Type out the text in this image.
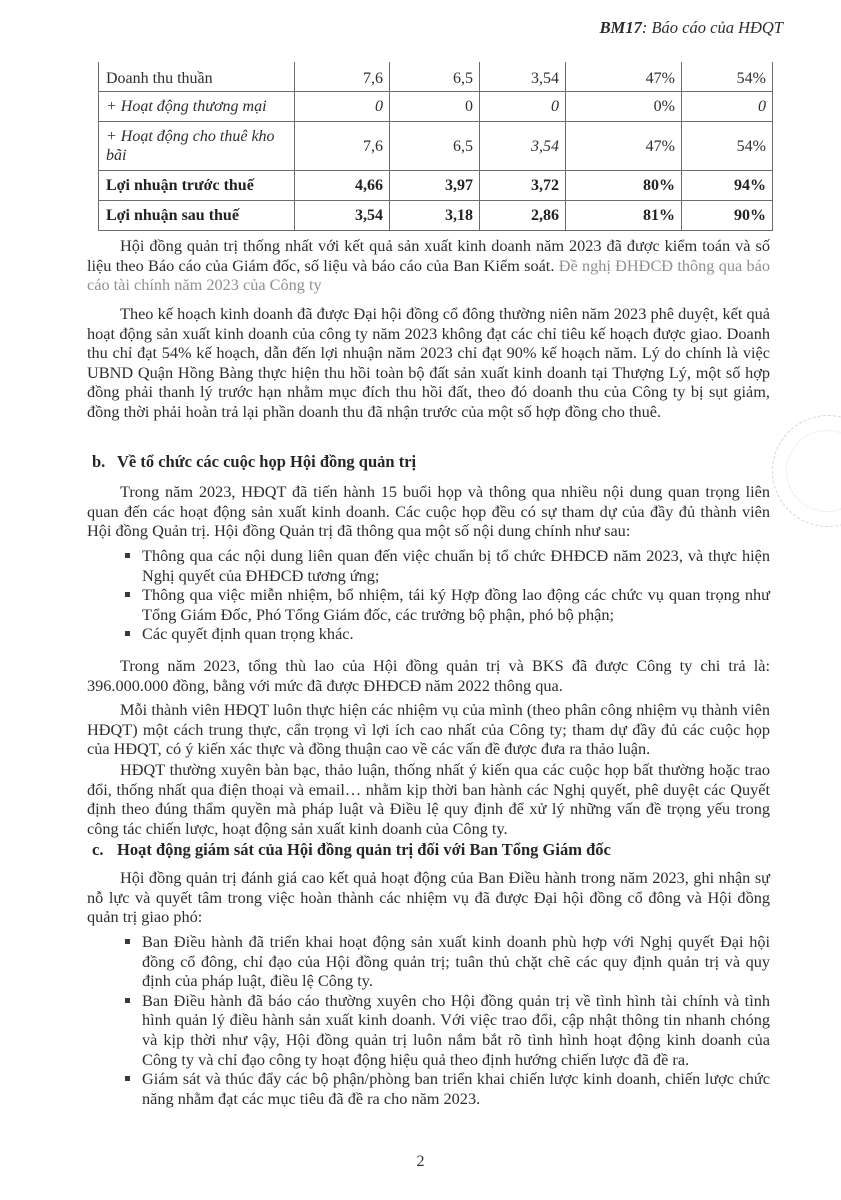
BM17: Báo cáo của HĐQT
Doanh thu thuần	7,6	6,5	3,54	47%	54%
+ Hoạt động thương mại	0	0	0	0%	0
+ Hoạt động cho thuê kho bãi	7,6	6,5	3,54	47%	54%
Lợi nhuận trước thuế	4,66	3,97	3,72	80%	94%
Lợi nhuận sau thuế	3,54	3,18	2,86	81%	90%

Hội đồng quản trị thống nhất với kết quả sản xuất kinh doanh năm 2023 đã được kiểm toán và số liệu theo Báo cáo của Giám đốc, số liệu và báo cáo của Ban Kiểm soát. Đề nghị ĐHĐCĐ thông qua báo cáo tài chính năm 2023 của Công ty

Theo kế hoạch kinh doanh đã được Đại hội đồng cổ đông thường niên năm 2023 phê duyệt, kết quả hoạt động sản xuất kinh doanh của công ty năm 2023 không đạt các chỉ tiêu kế hoạch được giao. Doanh thu chỉ đạt 54% kế hoạch, dẫn đến lợi nhuận năm 2023 chỉ đạt 90% kế hoạch năm. Lý do chính là việc UBND Quận Hồng Bàng thực hiện thu hồi toàn bộ đất sản xuất kinh doanh tại Thượng Lý, một số hợp đồng phải thanh lý trước hạn nhằm mục đích thu hồi đất, theo đó doanh thu của Công ty bị sụt giảm, đồng thời phải hoàn trả lại phần doanh thu đã nhận trước của một số hợp đồng cho thuê.

b. Về tổ chức các cuộc họp Hội đồng quản trị

Trong năm 2023, HĐQT đã tiến hành 15 buổi họp và thông qua nhiều nội dung quan trọng liên quan đến các hoạt động sản xuất kinh doanh. Các cuộc họp đều có sự tham dự của đầy đủ thành viên Hội đồng Quản trị. Hội đồng Quản trị đã thông qua một số nội dung chính như sau:

Thông qua các nội dung liên quan đến việc chuẩn bị tổ chức ĐHĐCĐ năm 2023, và thực hiện Nghị quyết của ĐHĐCĐ tương ứng;
Thông qua việc miễn nhiệm, bổ nhiệm, tái ký Hợp đồng lao động các chức vụ quan trọng như Tổng Giám Đốc, Phó Tổng Giám đốc, các trưởng bộ phận, phó bộ phận;
Các quyết định quan trọng khác.

Trong năm 2023, tổng thù lao của Hội đồng quản trị và BKS đã được Công ty chi trả là: 396.000.000 đồng, bằng với mức đã được ĐHĐCĐ năm 2022 thông qua.

Mỗi thành viên HĐQT luôn thực hiện các nhiệm vụ của mình (theo phân công nhiệm vụ thành viên HĐQT) một cách trung thực, cẩn trọng vì lợi ích cao nhất của Công ty; tham dự đầy đủ các cuộc họp của HĐQT, có ý kiến xác thực và đồng thuận cao về các vấn đề được đưa ra thảo luận.

HĐQT thường xuyên bàn bạc, thảo luận, thống nhất ý kiến qua các cuộc họp bất thường hoặc trao đổi, thống nhất qua điện thoại và email… nhằm kịp thời ban hành các Nghị quyết, phê duyệt các Quyết định theo đúng thẩm quyền mà pháp luật và Điều lệ quy định để xử lý những vấn đề trọng yếu trong công tác chiến lược, hoạt động sản xuất kinh doanh của Công ty.

c. Hoạt động giám sát của Hội đồng quản trị đối với Ban Tổng Giám đốc

Hội đồng quản trị đánh giá cao kết quả hoạt động của Ban Điều hành trong năm 2023, ghi nhận sự nỗ lực và quyết tâm trong việc hoàn thành các nhiệm vụ đã được Đại hội đồng cổ đông và Hội đồng quản trị giao phó:

Ban Điều hành đã triển khai hoạt động sản xuất kinh doanh phù hợp với Nghị quyết Đại hội đồng cổ đông, chỉ đạo của Hội đồng quản trị; tuân thủ chặt chẽ các quy định quản trị và quy định của pháp luật, điều lệ Công ty.
Ban Điều hành đã báo cáo thường xuyên cho Hội đồng quản trị về tình hình tài chính và tình hình quản lý điều hành sản xuất kinh doanh. Với việc trao đổi, cập nhật thông tin nhanh chóng và kịp thời như vậy, Hội đồng quản trị luôn nắm bắt rõ tình hình hoạt động kinh doanh của Công ty và chỉ đạo công ty hoạt động hiệu quả theo định hướng chiến lược đã đề ra.
Giám sát và thúc đẩy các bộ phận/phòng ban triển khai chiến lược kinh doanh, chiến lược chức năng nhằm đạt các mục tiêu đã đề ra cho năm 2023.
2
